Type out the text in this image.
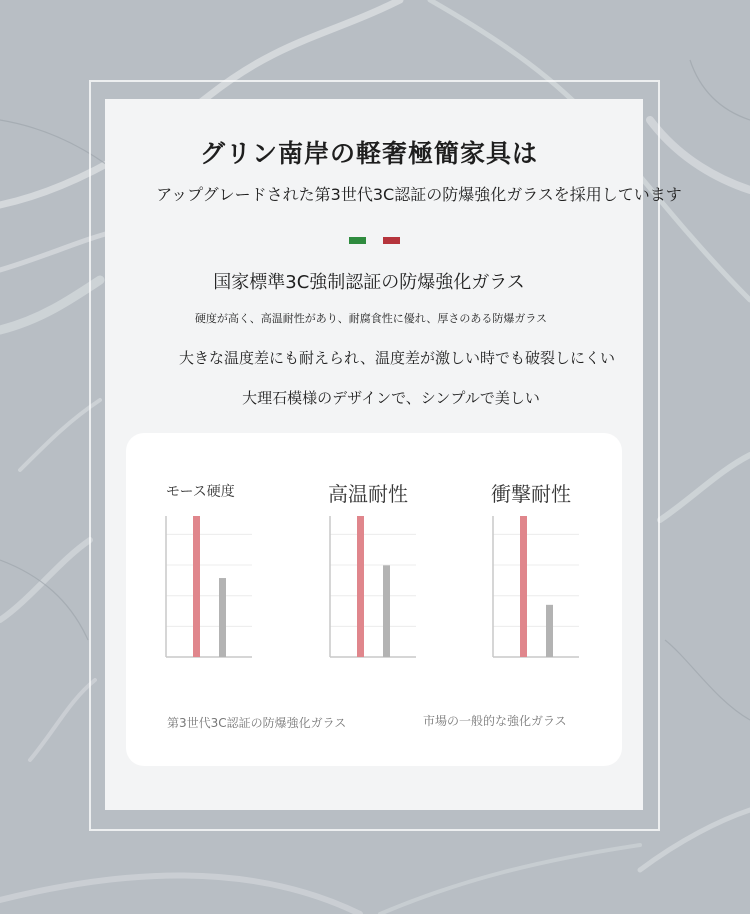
グリン南岸の軽奢極簡家具は
アップグレードされた第3世代3C認証の防爆強化ガラスを採用しています
国家標準3C強制認証の防爆強化ガラス
硬度が高く、高温耐性があり、耐腐食性に優れ、厚さのある防爆ガラス
大きな温度差にも耐えられ、温度差が激しい時でも破裂しにくい
大理石模様のデザインで、シンプルで美しい
モース硬度	高温耐性	衝撃耐性
第3世代3C認証の防爆強化ガラス	市場の一般的な強化ガラス
